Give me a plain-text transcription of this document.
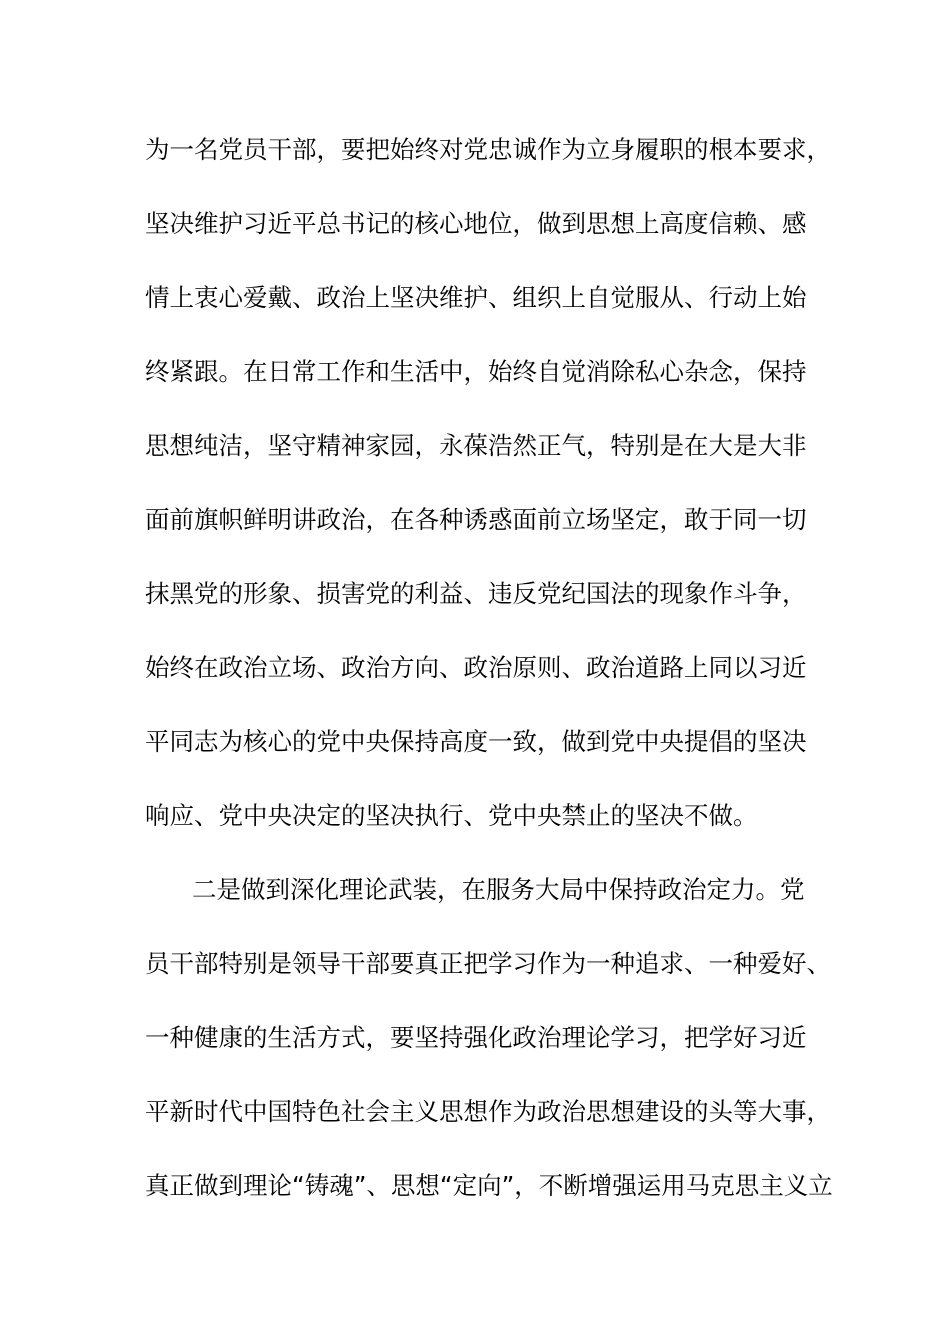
为一名党员干部，要把始终对党忠诚作为立身履职的根本要求，
坚决维护习近平总书记的核心地位，做到思想上高度信赖、感
情上衷心爱戴、政治上坚决维护、组织上自觉服从、行动上始
终紧跟。在日常工作和生活中，始终自觉消除私心杂念，保持
思想纯洁，坚守精神家园，永葆浩然正气，特别是在大是大非
面前旗帜鲜明讲政治，在各种诱惑面前立场坚定，敢于同一切
抹黑党的形象、损害党的利益、违反党纪国法的现象作斗争，
始终在政治立场、政治方向、政治原则、政治道路上同以习近
平同志为核心的党中央保持高度一致，做到党中央提倡的坚决
响应、党中央决定的坚决执行、党中央禁止的坚决不做。
二是做到深化理论武装，在服务大局中保持政治定力。党
员干部特别是领导干部要真正把学习作为一种追求、一种爱好、
一种健康的生活方式，要坚持强化政治理论学习，把学好习近
平新时代中国特色社会主义思想作为政治思想建设的头等大事，
真正做到理论“铸魂”、思想“定向”，不断增强运用马克思主义立
